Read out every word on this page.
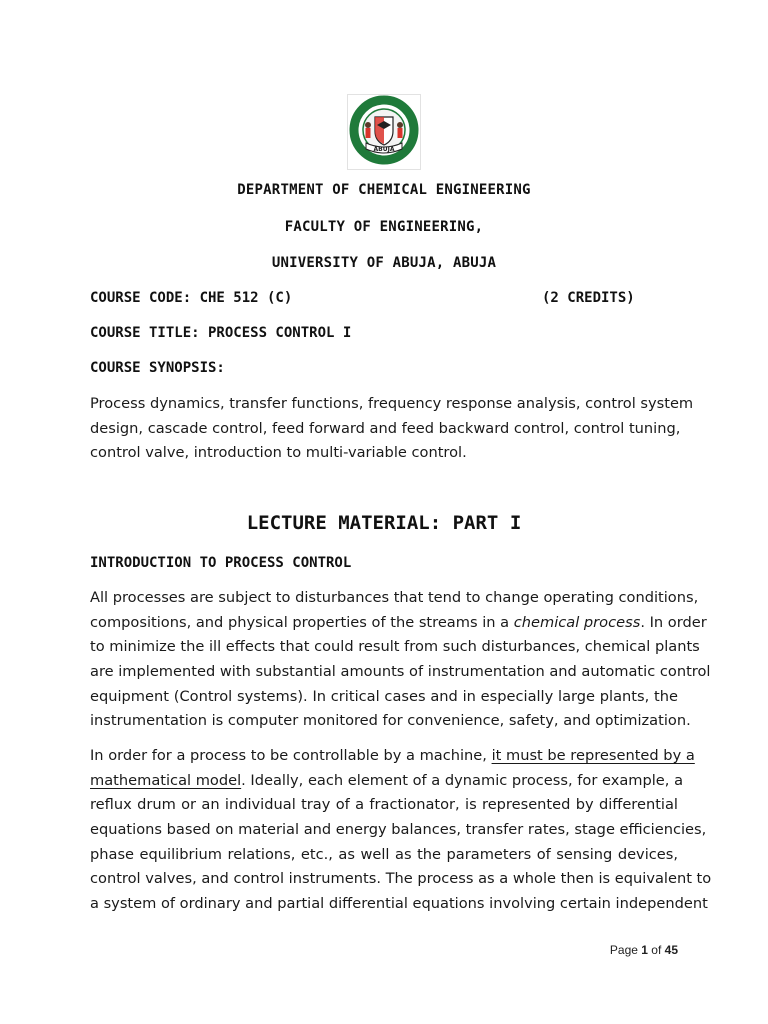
ABUJA
DEPARTMENT OF CHEMICAL ENGINEERING
FACULTY OF ENGINEERING,
UNIVERSITY OF ABUJA, ABUJA
COURSE CODE: CHE 512 (C)	(2 CREDITS)
COURSE TITLE: PROCESS CONTROL I
COURSE SYNOPSIS:
Process dynamics, transfer functions, frequency response analysis, control system
design, cascade control, feed forward and feed backward control, control tuning,
control valve, introduction to multi-variable control.
LECTURE MATERIAL: PART I
INTRODUCTION TO PROCESS CONTROL
All processes are subject to disturbances that tend to change operating conditions,
compositions, and physical properties of the streams in a chemical process. In order
to minimize the ill effects that could result from such disturbances, chemical plants
are implemented with substantial amounts of instrumentation and automatic control
equipment (Control systems). In critical cases and in especially large plants, the
instrumentation is computer monitored for convenience, safety, and optimization.
In order for a process to be controllable by a machine, it must be represented by a
mathematical model. Ideally, each element of a dynamic process, for example, a
reflux drum or an individual tray of a fractionator, is represented by differential
equations based on material and energy balances, transfer rates, stage efficiencies,
phase equilibrium relations, etc., as well as the parameters of sensing devices,
control valves, and control instruments. The process as a whole then is equivalent to
a system of ordinary and partial differential equations involving certain independent
Page 1 of 45
